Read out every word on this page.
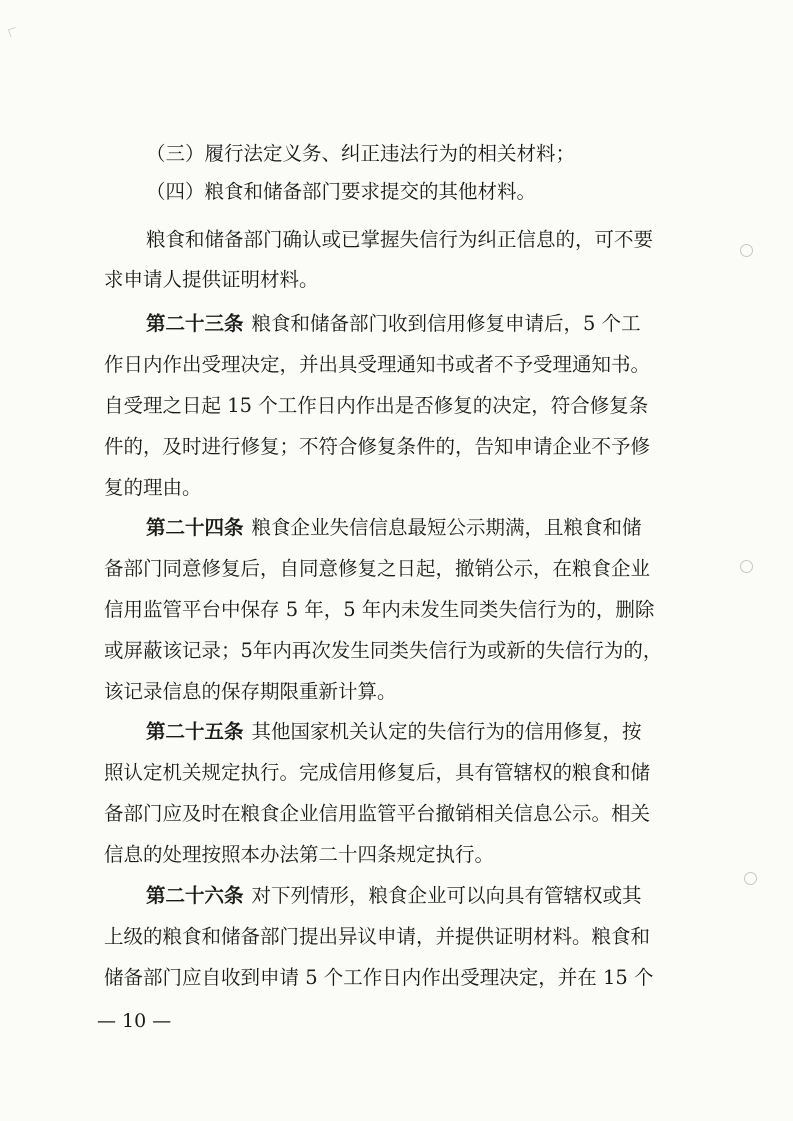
（三）履行法定义务、纠正违法行为的相关材料；
（四）粮食和储备部门要求提交的其他材料。
粮食和储备部门确认或已掌握失信行为纠正信息的，可不要
求申请人提供证明材料。
第二十三条 粮食和储备部门收到信用修复申请后，5 个工
作日内作出受理决定，并出具受理通知书或者不予受理通知书。
自受理之日起 15 个工作日内作出是否修复的决定，符合修复条
件的，及时进行修复；不符合修复条件的，告知申请企业不予修
复的理由。
第二十四条 粮食企业失信信息最短公示期满，且粮食和储
备部门同意修复后，自同意修复之日起，撤销公示，在粮食企业
信用监管平台中保存 5 年，5 年内未发生同类失信行为的，删除
或屏蔽该记录；5年内再次发生同类失信行为或新的失信行为的，
该记录信息的保存期限重新计算。
第二十五条 其他国家机关认定的失信行为的信用修复，按
照认定机关规定执行。完成信用修复后，具有管辖权的粮食和储
备部门应及时在粮食企业信用监管平台撤销相关信息公示。相关
信息的处理按照本办法第二十四条规定执行。
第二十六条 对下列情形，粮食企业可以向具有管辖权或其
上级的粮食和储备部门提出异议申请，并提供证明材料。粮食和
储备部门应自收到申请 5 个工作日内作出受理决定，并在 15 个
— 10 —
